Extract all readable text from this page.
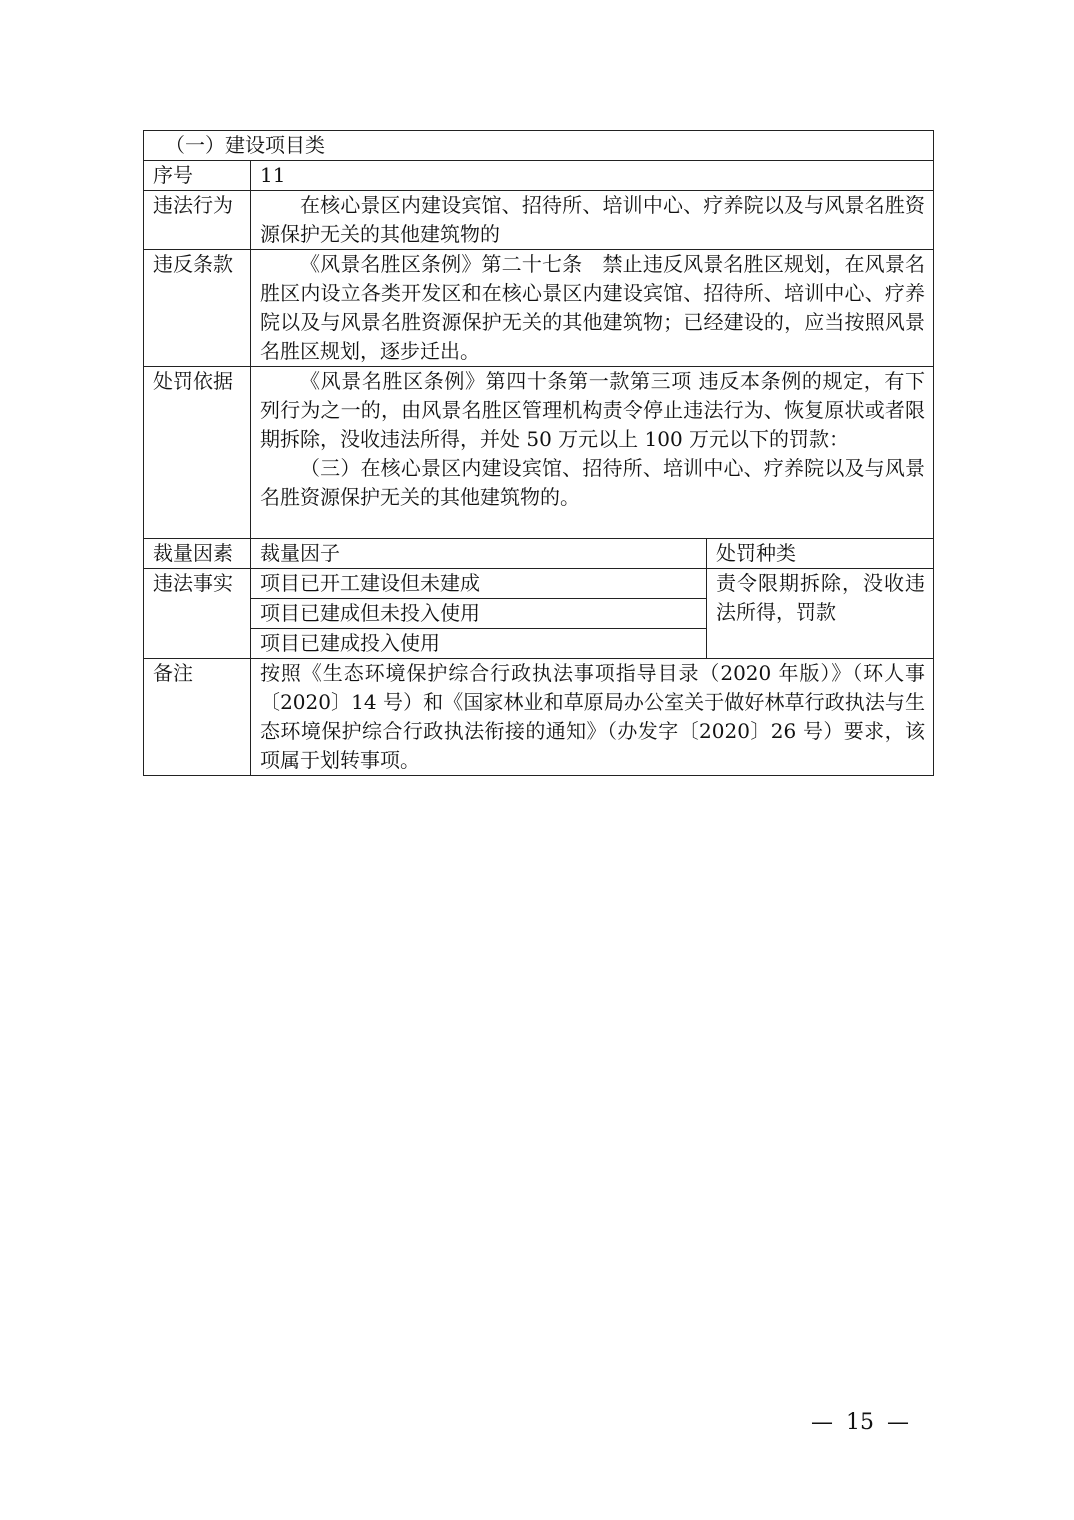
（一）建设项目类		
序号	11	
违法行为	在核心景区内建设宾馆、招待所、培训中心、疗养院以及与风景名胜资源保护无关的其他建筑物的	

违反条款	《风景名胜区条例》第二十七条　禁止违反风景名胜区规划，在风景名胜区内设立各类开发区和在核心景区内建设宾馆、招待所、培训中心、疗养院以及与风景名胜资源保护无关的其他建筑物；已经建设的，应当按照风景名胜区规划，逐步迁出。	

处罚依据	《风景名胜区条例》第四十条第一款第三项 违反本条例的规定，有下列行为之一的，由风景名胜区管理机构责令停止违法行为、恢复原状或者限期拆除，没收违法所得，并处 50 万元以上 100 万元以下的罚款：

（三）在核心景区内建设宾馆、招待所、培训中心、疗养院以及与风景名胜资源保护无关的其他建筑物的。	

裁量因素	裁量因子	处罚种类
违法事实	项目已开工建设但未建成	责令限期拆除，没收违法所得，罚款
	项目已建成但未投入使用	
	项目已建成投入使用	
备注	按照《生态环境保护综合行政执法事项指导目录（2020 年版）》（环人事〔2020〕14 号）和《国家林业和草原局办公室关于做好林草行政执法与生态环境保护综合行政执法衔接的通知》（办发字〔2020〕26 号）要求，该项属于划转事项。	

— 15 —
